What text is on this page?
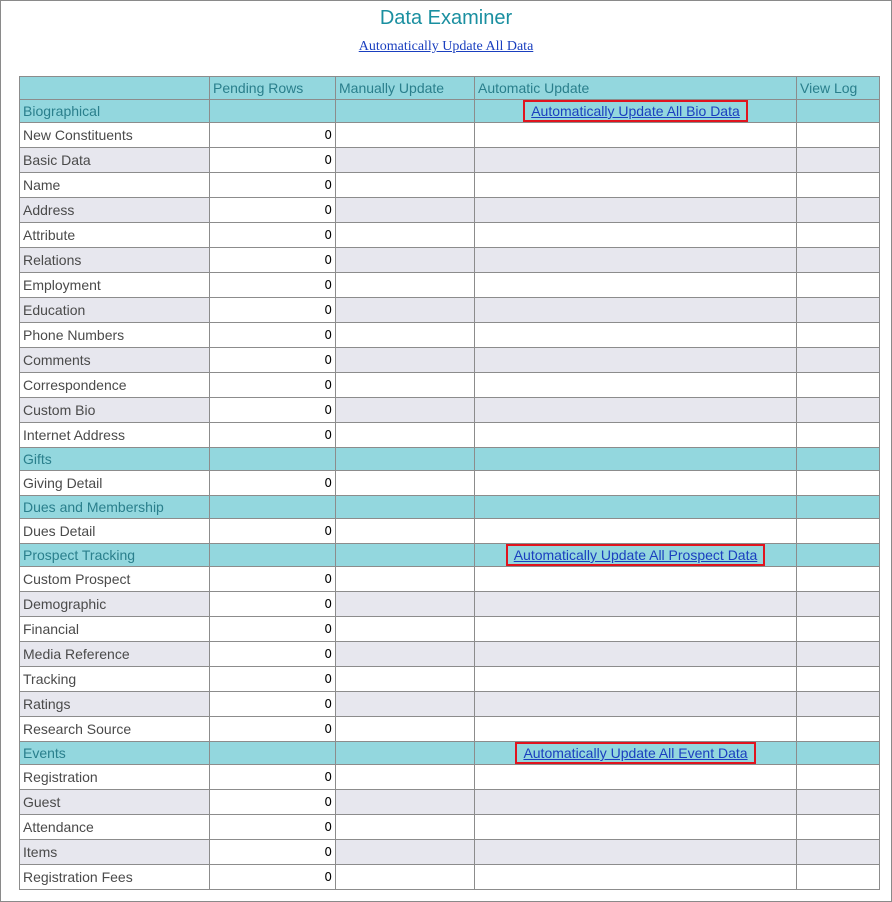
Data Examiner
Automatically Update All Data
	Pending Rows	Manually Update	Automatic Update	View Log
Biographical			Automatically Update All Bio Data	
New Constituents	0			
Basic Data	0			
Name	0			
Address	0			
Attribute	0			
Relations	0			
Employment	0			
Education	0			
Phone Numbers	0			
Comments	0			
Correspondence	0			
Custom Bio	0			
Internet Address	0			
Gifts				
Giving Detail	0			
Dues and Membership				
Dues Detail	0			
Prospect Tracking			Automatically Update All Prospect Data	
Custom Prospect	0			
Demographic	0			
Financial	0			
Media Reference	0			
Tracking	0			
Ratings	0			
Research Source	0			
Events			Automatically Update All Event Data	
Registration	0			
Guest	0			
Attendance	0			
Items	0			
Registration Fees	0			
